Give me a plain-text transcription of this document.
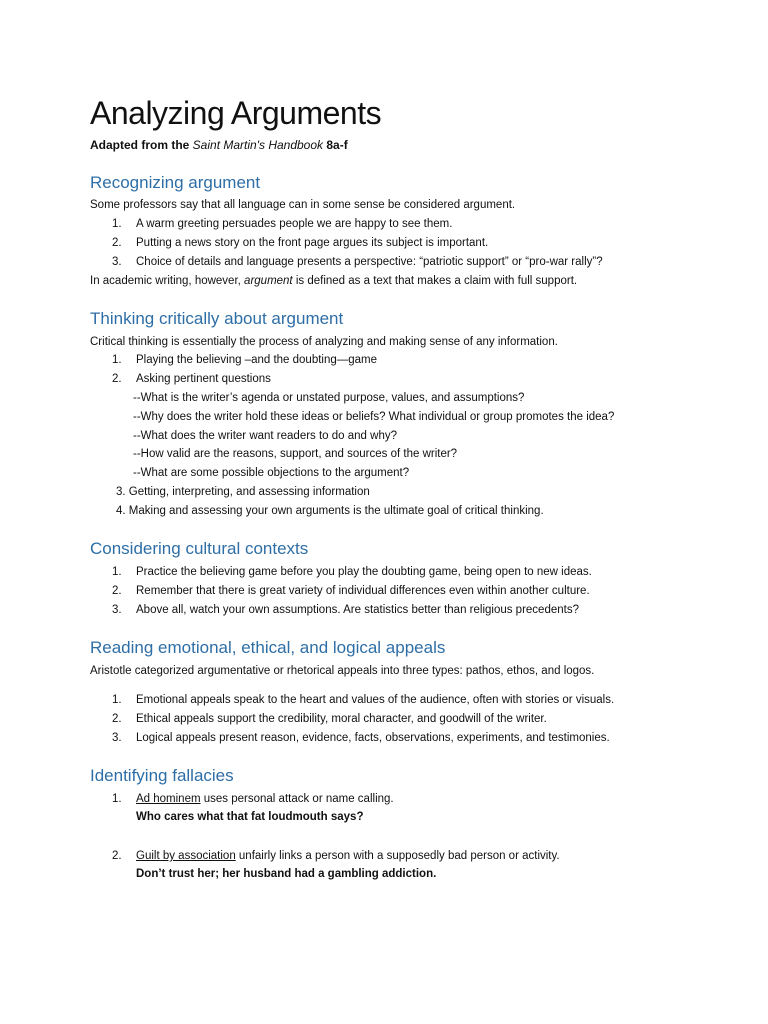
Analyzing Arguments
Adapted from the Saint Martin's Handbook 8a-f
Recognizing argument
Some professors say that all language can in some sense be considered argument.
1. A warm greeting persuades people we are happy to see them.
2. Putting a news story on the front page argues its subject is important.
3. Choice of details and language presents a perspective: “patriotic support” or “pro-war rally”?
In academic writing, however, argument is defined as a text that makes a claim with full support.
Thinking critically about argument
Critical thinking is essentially the process of analyzing and making sense of any information.
1. Playing the believing –and the doubting—game
2. Asking pertinent questions
--What is the writer’s agenda or unstated purpose, values, and assumptions?
--Why does the writer hold these ideas or beliefs? What individual or group promotes the idea?
--What does the writer want readers to do and why?
--How valid are the reasons, support, and sources of the writer?
--What are some possible objections to the argument?
3. Getting, interpreting, and assessing information
4. Making and assessing your own arguments is the ultimate goal of critical thinking.
Considering cultural contexts
1. Practice the believing game before you play the doubting game, being open to new ideas.
2. Remember that there is great variety of individual differences even within another culture.
3. Above all, watch your own assumptions. Are statistics better than religious precedents?
Reading emotional, ethical, and logical appeals
Aristotle categorized argumentative or rhetorical appeals into three types: pathos, ethos, and logos.
1. Emotional appeals speak to the heart and values of the audience, often with stories or visuals.
2. Ethical appeals support the credibility, moral character, and goodwill of the writer.
3. Logical appeals present reason, evidence, facts, observations, experiments, and testimonies.
Identifying fallacies
1. Ad hominem uses personal attack or name calling.
Who cares what that fat loudmouth says?
2. Guilt by association unfairly links a person with a supposedly bad person or activity.
Don’t trust her; her husband had a gambling addiction.
